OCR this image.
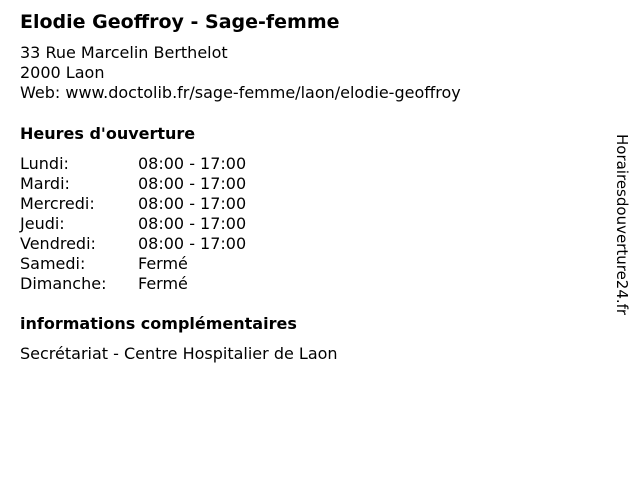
Elodie Geoffroy - Sage-femme
33 Rue Marcelin Berthelot
2000 Laon
Web: www.doctolib.fr/sage-femme/laon/elodie-geoffroy
Heures d'ouverture
Lundi:	08:00 - 17:00
Mardi:	08:00 - 17:00
Mercredi:	08:00 - 17:00
Jeudi:	08:00 - 17:00
Vendredi:	08:00 - 17:00
Samedi:	Fermé
Dimanche:	Fermé
informations complémentaires
Secrétariat - Centre Hospitalier de Laon
Horairesdouverture24.fr
